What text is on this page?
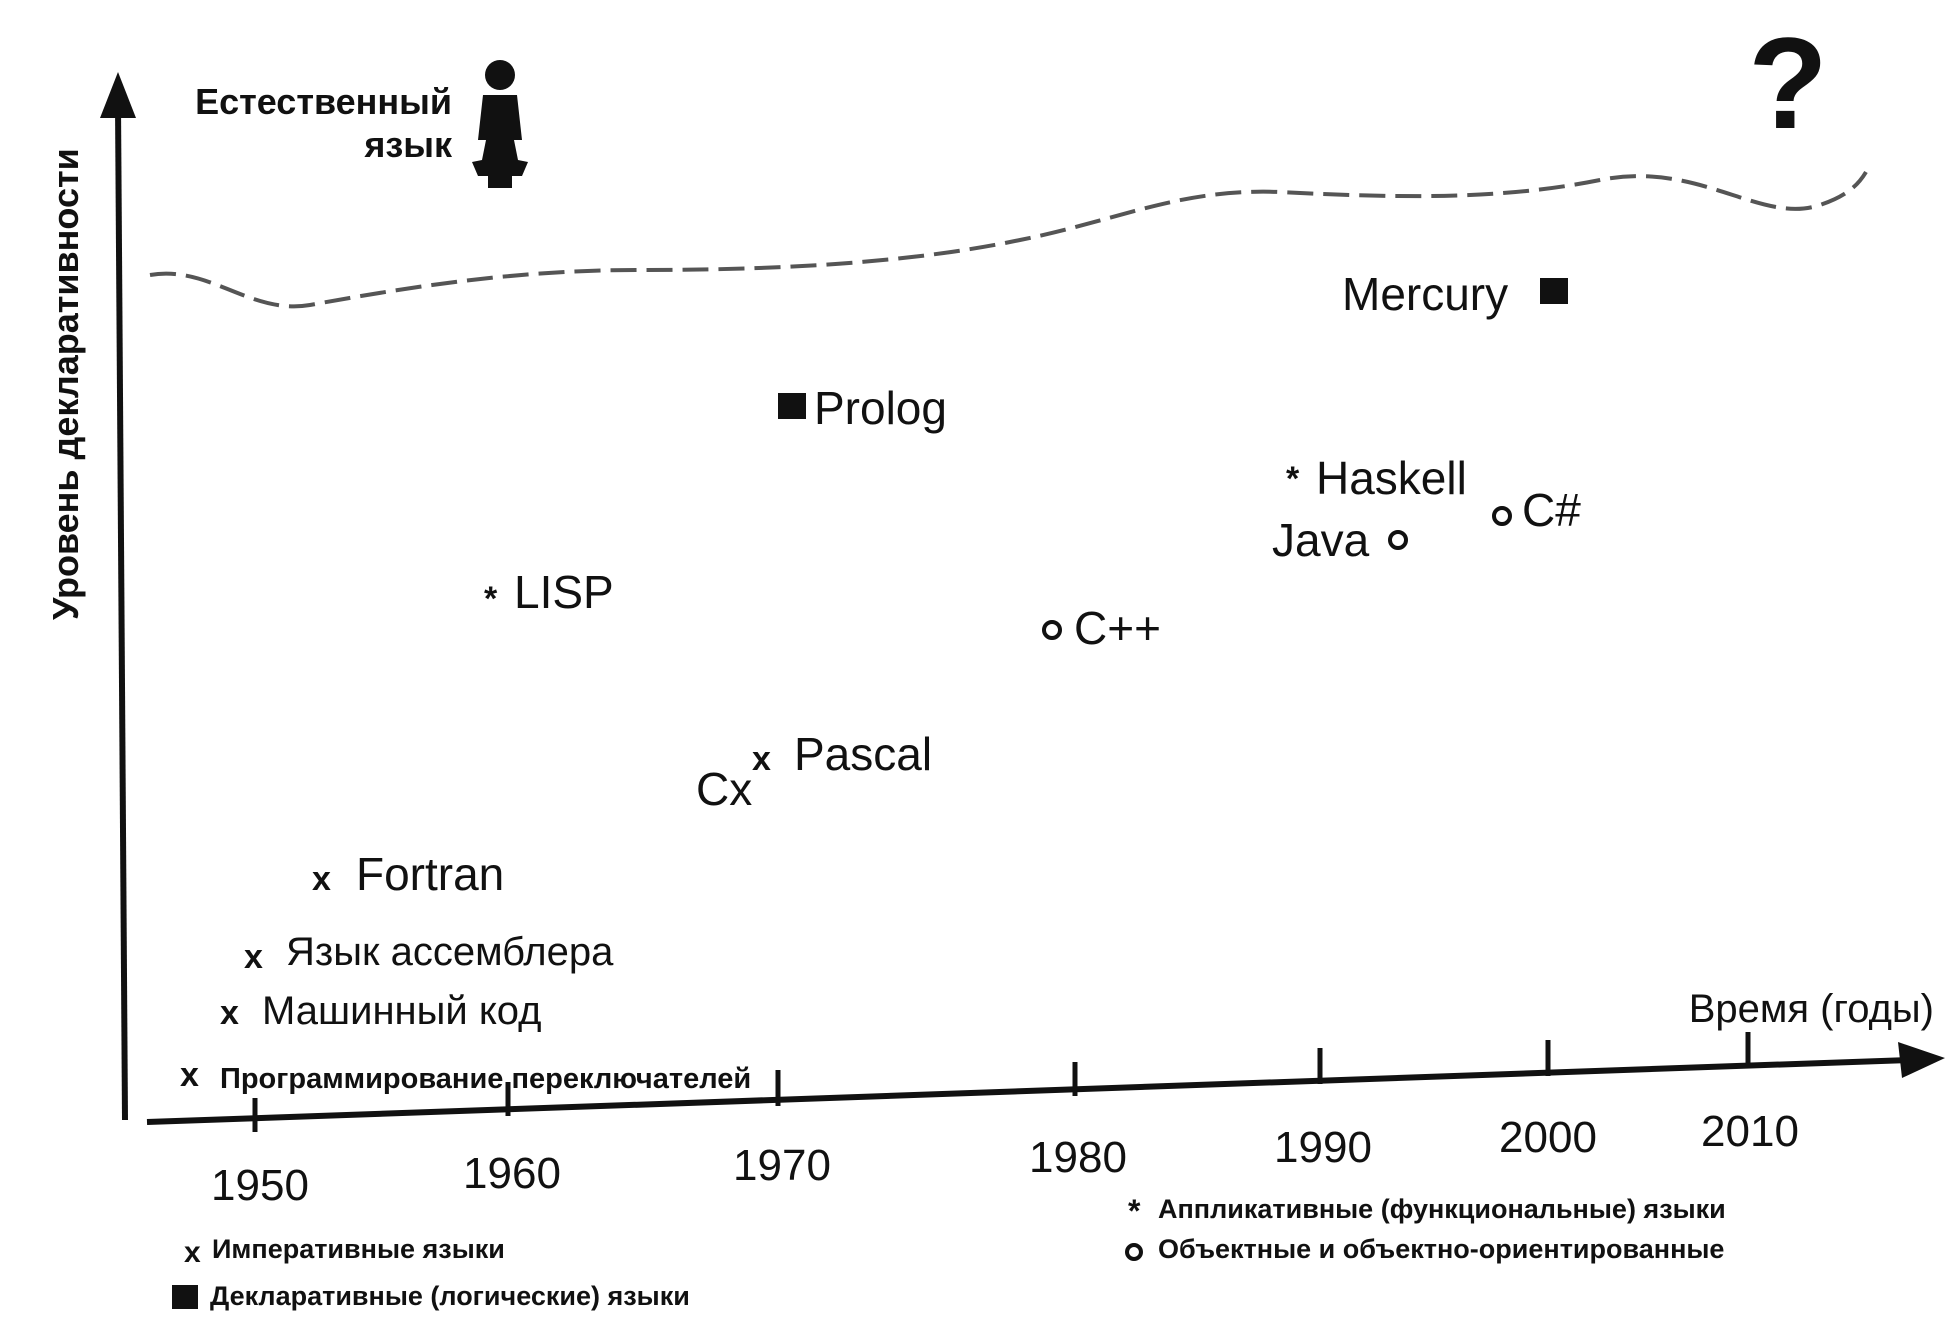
Естественный
язык	?
Уровень декларативности
Время (годы)
1950	1960	1970	1980	1990	2000 2010
x Программирование переключателей
x Машинный код
x Язык ассемблера
x Fortran
* LISP
Cx
x Pascal
Prolog
C++
* Haskell
Java
C#
Mercury
x Императивные языки
Декларативные (логические) языки
* Аппликативные (функциональные) языки
Объектные и объектно-ориентированные
